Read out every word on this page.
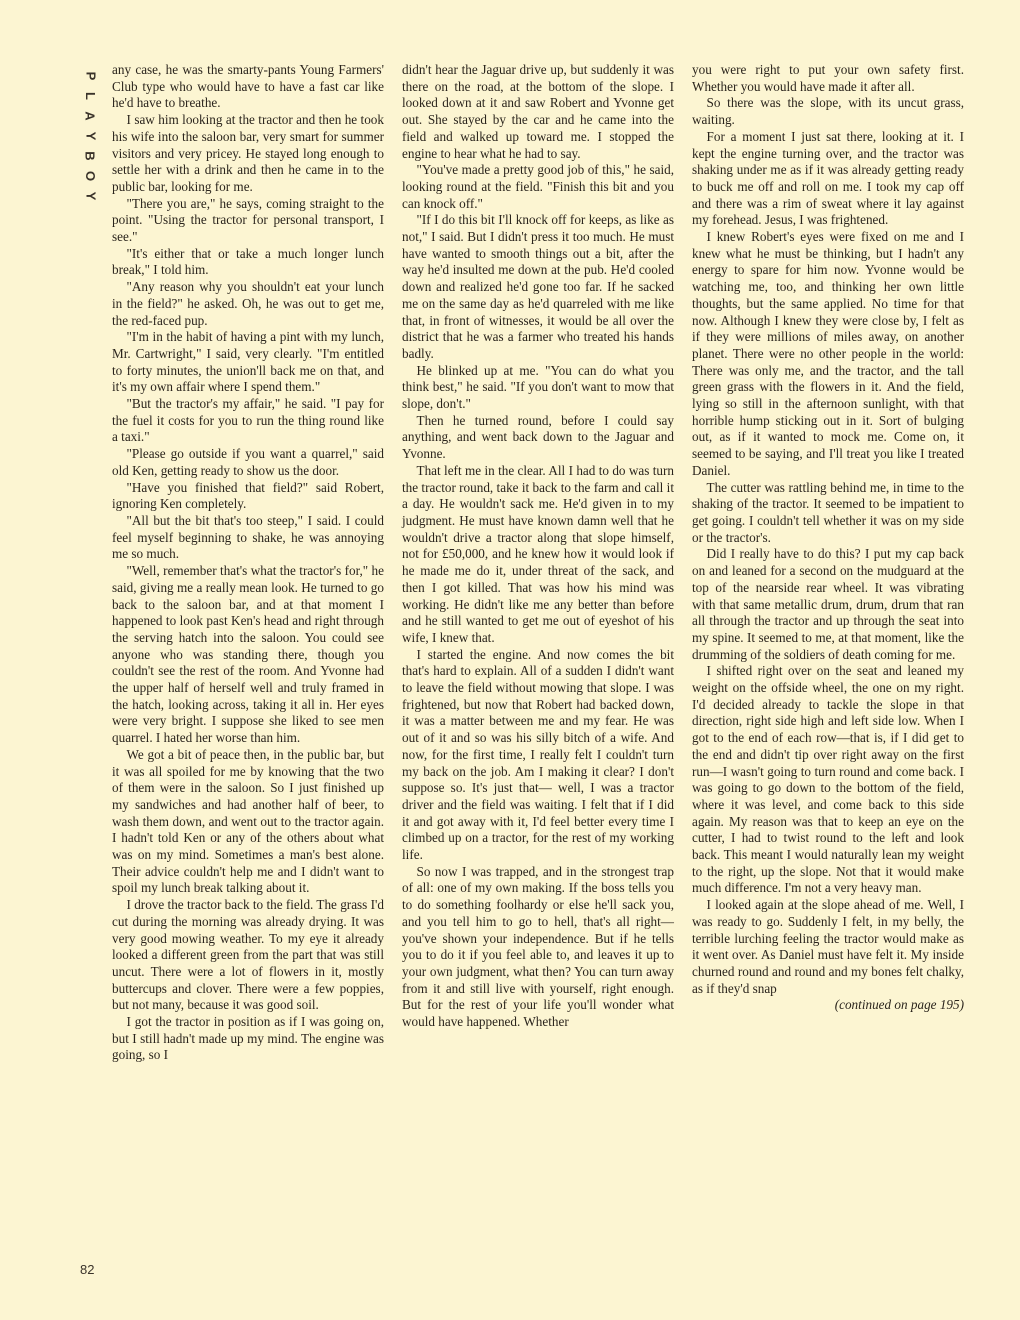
P
L
A
Y
B
O
Y
82

any case, he was the smarty-pants Young Farmers' Club type who would have to have a fast car like he'd have to breathe.

I saw him looking at the tractor and then he took his wife into the saloon bar, very smart for summer visitors and very pricey. He stayed long enough to settle her with a drink and then he came in to the public bar, looking for me.

"There you are," he says, coming straight to the point. "Using the tractor for personal transport, I see."

"It's either that or take a much longer lunch break," I told him.

"Any reason why you shouldn't eat your lunch in the field?" he asked. Oh, he was out to get me, the red-faced pup.

"I'm in the habit of having a pint with my lunch, Mr. Cartwright," I said, very clearly. "I'm entitled to forty minutes, the union'll back me on that, and it's my own affair where I spend them."

"But the tractor's my affair," he said. "I pay for the fuel it costs for you to run the thing round like a taxi."

"Please go outside if you want a quarrel," said old Ken, getting ready to show us the door.

"Have you finished that field?" said Robert, ignoring Ken completely.

"All but the bit that's too steep," I said. I could feel myself beginning to shake, he was annoying me so much.

"Well, remember that's what the tractor's for," he said, giving me a really mean look. He turned to go back to the saloon bar, and at that moment I happened to look past Ken's head and right through the serving hatch into the saloon. You could see anyone who was standing there, though you couldn't see the rest of the room. And Yvonne had the upper half of herself well and truly framed in the hatch, looking across, taking it all in. Her eyes were very bright. I suppose she liked to see men quarrel. I hated her worse than him.

We got a bit of peace then, in the public bar, but it was all spoiled for me by knowing that the two of them were in the saloon. So I just finished up my sandwiches and had another half of beer, to wash them down, and went out to the tractor again. I hadn't told Ken or any of the others about what was on my mind. Sometimes a man's best alone. Their advice couldn't help me and I didn't want to spoil my lunch break talking about it.

I drove the tractor back to the field. The grass I'd cut during the morning was already drying. It was very good mowing weather. To my eye it already looked a different green from the part that was still uncut. There were a lot of flowers in it, mostly buttercups and clover. There were a few poppies, but not many, because it was good soil.

I got the tractor in position as if I was going on, but I still hadn't made up my mind. The engine was going, so I

didn't hear the Jaguar drive up, but suddenly it was there on the road, at the bottom of the slope. I looked down at it and saw Robert and Yvonne get out. She stayed by the car and he came into the field and walked up toward me. I stopped the engine to hear what he had to say.

"You've made a pretty good job of this," he said, looking round at the field. "Finish this bit and you can knock off."

"If I do this bit I'll knock off for keeps, as like as not," I said. But I didn't press it too much. He must have wanted to smooth things out a bit, after the way he'd insulted me down at the pub. He'd cooled down and realized he'd gone too far. If he sacked me on the same day as he'd quarreled with me like that, in front of witnesses, it would be all over the district that he was a farmer who treated his hands badly.

He blinked up at me. "You can do what you think best," he said. "If you don't want to mow that slope, don't."

Then he turned round, before I could say anything, and went back down to the Jaguar and Yvonne.

That left me in the clear. All I had to do was turn the tractor round, take it back to the farm and call it a day. He wouldn't sack me. He'd given in to my judgment. He must have known damn well that he wouldn't drive a tractor along that slope himself, not for £50,000, and he knew how it would look if he made me do it, under threat of the sack, and then I got killed. That was how his mind was working. He didn't like me any better than before and he still wanted to get me out of eyeshot of his wife, I knew that.

I started the engine. And now comes the bit that's hard to explain. All of a sudden I didn't want to leave the field without mowing that slope. I was frightened, but now that Robert had backed down, it was a matter between me and my fear. He was out of it and so was his silly bitch of a wife. And now, for the first time, I really felt I couldn't turn my back on the job. Am I making it clear? I don't suppose so. It's just that— well, I was a tractor driver and the field was waiting. I felt that if I did it and got away with it, I'd feel better every time I climbed up on a tractor, for the rest of my working life.

So now I was trapped, and in the strongest trap of all: one of my own making. If the boss tells you to do something foolhardy or else he'll sack you, and you tell him to go to hell, that's all right— you've shown your independence. But if he tells you to do it if you feel able to, and leaves it up to your own judgment, what then? You can turn away from it and still live with yourself, right enough. But for the rest of your life you'll wonder what would have happened. Whether

you were right to put your own safety first. Whether you would have made it after all.

So there was the slope, with its uncut grass, waiting.

For a moment I just sat there, looking at it. I kept the engine turning over, and the tractor was shaking under me as if it was already getting ready to buck me off and roll on me. I took my cap off and there was a rim of sweat where it lay against my forehead. Jesus, I was frightened.

I knew Robert's eyes were fixed on me and I knew what he must be thinking, but I hadn't any energy to spare for him now. Yvonne would be watching me, too, and thinking her own little thoughts, but the same applied. No time for that now. Although I knew they were close by, I felt as if they were millions of miles away, on another planet. There were no other people in the world: There was only me, and the tractor, and the tall green grass with the flowers in it. And the field, lying so still in the afternoon sunlight, with that horrible hump sticking out in it. Sort of bulging out, as if it wanted to mock me. Come on, it seemed to be saying, and I'll treat you like I treated Daniel.

The cutter was rattling behind me, in time to the shaking of the tractor. It seemed to be impatient to get going. I couldn't tell whether it was on my side or the tractor's.

Did I really have to do this? I put my cap back on and leaned for a second on the mudguard at the top of the nearside rear wheel. It was vibrating with that same metallic drum, drum, drum that ran all through the tractor and up through the seat into my spine. It seemed to me, at that moment, like the drumming of the soldiers of death coming for me.

I shifted right over on the seat and leaned my weight on the offside wheel, the one on my right. I'd decided already to tackle the slope in that direction, right side high and left side low. When I got to the end of each row—that is, if I did get to the end and didn't tip over right away on the first run—I wasn't going to turn round and come back. I was going to go down to the bottom of the field, where it was level, and come back to this side again. My reason was that to keep an eye on the cutter, I had to twist round to the left and look back. This meant I would naturally lean my weight to the right, up the slope. Not that it would make much difference. I'm not a very heavy man.

I looked again at the slope ahead of me. Well, I was ready to go. Suddenly I felt, in my belly, the terrible lurching feeling the tractor would make as it went over. As Daniel must have felt it. My inside churned round and round and my bones felt chalky, as if they'd snap

(continued on page 195)
